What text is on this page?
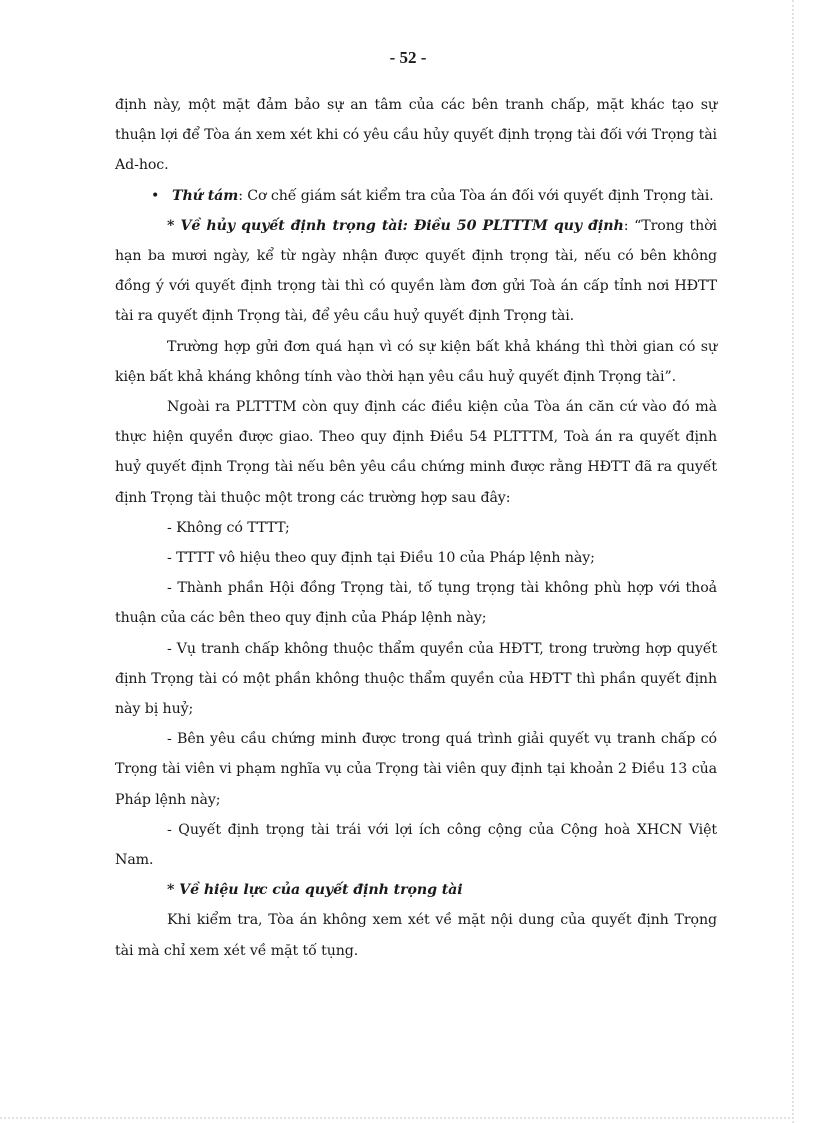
- 52 -

định này, một mặt đảm bảo sự an tâm của các bên tranh chấp, mặt khác tạo sự thuận lợi để Tòa án xem xét khi có yêu cầu hủy quyết định trọng tài đối với Trọng tài Ad-hoc.

• Thứ tám: Cơ chế giám sát kiểm tra của Tòa án đối với quyết định Trọng tài.

* Về hủy quyết định trọng tài: Điều 50 PLTTTM quy định: “Trong thời hạn ba mươi ngày, kể từ ngày nhận được quyết định trọng tài, nếu có bên không đồng ý với quyết định trọng tài thì có quyền làm đơn gửi Toà án cấp tỉnh nơi HĐTT tài ra quyết định Trọng tài, để yêu cầu huỷ quyết định Trọng tài.

Trường hợp gửi đơn quá hạn vì có sự kiện bất khả kháng thì thời gian có sự kiện bất khả kháng không tính vào thời hạn yêu cầu huỷ quyết định Trọng tài”.

Ngoài ra PLTTTM còn quy định các điều kiện của Tòa án căn cứ vào đó mà thực hiện quyền được giao. Theo quy định Điều 54 PLTTTM, Toà án ra quyết định huỷ quyết định Trọng tài nếu bên yêu cầu chứng minh được rằng HĐTT đã ra quyết định Trọng tài thuộc một trong các trường hợp sau đây:

- Không có TTTT;

- TTTT vô hiệu theo quy định tại Điều 10 của Pháp lệnh này;

- Thành phần Hội đồng Trọng tài, tố tụng trọng tài không phù hợp với thoả thuận của các bên theo quy định của Pháp lệnh này;

- Vụ tranh chấp không thuộc thẩm quyền của HĐTT, trong trường hợp quyết định Trọng tài có một phần không thuộc thẩm quyền của HĐTT thì phần quyết định này bị huỷ;

- Bên yêu cầu chứng minh được trong quá trình giải quyết vụ tranh chấp có Trọng tài viên vi phạm nghĩa vụ của Trọng tài viên quy định tại khoản 2 Điều 13 của Pháp lệnh này;

- Quyết định trọng tài trái với lợi ích công cộng của Cộng hoà XHCN Việt Nam.

* Về hiệu lực của quyết định trọng tài

Khi kiểm tra, Tòa án không xem xét về mặt nội dung của quyết định Trọng tài mà chỉ xem xét về mặt tố tụng.
